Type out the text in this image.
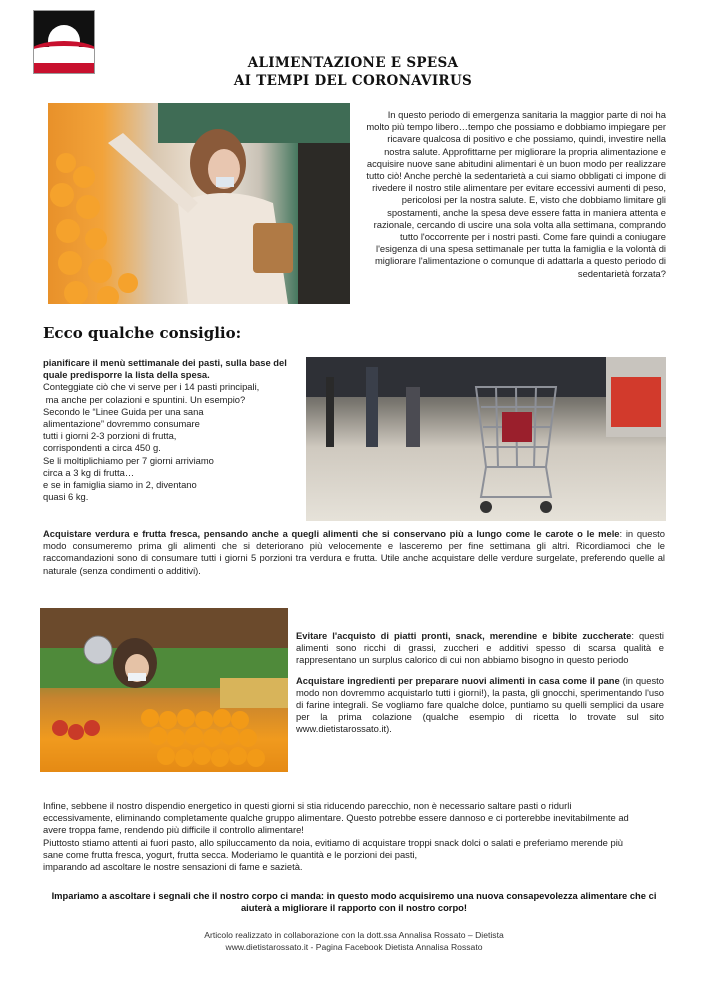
ALIMENTAZIONE E SPESA
AI TEMPI DEL CORONAVIRUS
In questo periodo di emergenza sanitaria la maggior parte di noi ha molto più tempo libero…tempo che possiamo e dobbiamo impiegare per ricavare qualcosa di positivo e che possiamo, quindi, investire nella nostra salute. Approfittarne per migliorare la propria alimentazione e acquisire nuove sane abitudini alimentari è un buon modo per realizzare tutto ciò! Anche perchè la sedentarietà a cui siamo obbligati ci impone di rivedere il nostro stile alimentare per evitare eccessivi aumenti di peso, pericolosi per la nostra salute. E, visto che dobbiamo limitare gli spostamenti, anche la spesa deve essere fatta in maniera attenta e razionale, cercando di uscire una sola volta alla settimana, comprando tutto l'occorrente per i nostri pasti. Come fare quindi a coniugare l'esigenza di una spesa settimanale per tutta la famiglia e la volontà di migliorare l'alimentazione o comunque di adattarla a questo periodo di sedentarietà forzata?
Ecco qualche consiglio:
pianificare il menù settimanale dei pasti, sulla base del quale predisporre la lista della spesa.
Conteggiate ciò che vi serve per i 14 pasti principali,
ma anche per colazioni e spuntini. Un esempio?
Secondo le “Linee Guida per una sana
alimentazione” dovremmo consumare
tutti i giorni 2-3 porzioni di frutta,
corrispondenti a circa 450 g.
Se li moltiplichiamo per 7 giorni arriviamo
circa a 3 kg di frutta…
e se in famiglia siamo in 2, diventano
quasi 6 kg.
Acquistare verdura e frutta fresca, pensando anche a quegli alimenti che si conservano più a lungo come le carote o le mele: in questo modo consumeremo prima gli alimenti che si deteriorano più velocemente e lasceremo per fine settimana gli altri. Ricordiamoci che le raccomandazioni sono di consumare tutti i giorni 5 porzioni tra verdura e frutta. Utile anche acquistare delle verdure surgelate, preferendo quelle al naturale (senza condimenti o additivi).

Evitare l'acquisto di piatti pronti, snack, merendine e bibite zuccherate: questi alimenti sono ricchi di grassi, zuccheri e additivi spesso di scarsa qualità e rappresentano un surplus calorico di cui non abbiamo bisogno in questo periodo

Acquistare ingredienti per preparare nuovi alimenti in casa come il pane (in questo modo non dovremmo acquistarlo tutti i giorni!), la pasta, gli gnocchi, sperimentando l'uso di farine integrali. Se vogliamo fare qualche dolce, puntiamo su quelli semplici da usare per la prima colazione (qualche esempio di ricetta lo trovate sul sito www.dietistarossato.it).

Infine, sebbene il nostro dispendio energetico in questi giorni si stia riducendo parecchio, non è necessario saltare pasti o ridurli
eccessivamente, eliminando completamente qualche gruppo alimentare. Questo potrebbe essere dannoso e ci porterebbe inevitabilmente ad
avere troppa fame, rendendo più difficile il controllo alimentare!
Piuttosto stiamo attenti ai fuori pasto, allo spiluccamento da noia, evitiamo di acquistare troppi snack dolci o salati e preferiamo merende più
sane come frutta fresca, yogurt, frutta secca. Moderiamo le quantità e le porzioni dei pasti,
imparando ad ascoltare le nostre sensazioni di fame e sazietà.
Impariamo a ascoltare i segnali che il nostro corpo ci manda: in questo modo acquisiremo una nuova consapevolezza alimentare che ci aiuterà a migliorare il rapporto con il nostro corpo!
Articolo realizzato in collaborazione con la dott.ssa Annalisa Rossato – Dietista
www.dietistarossato.it - Pagina Facebook Dietista Annalisa Rossato
